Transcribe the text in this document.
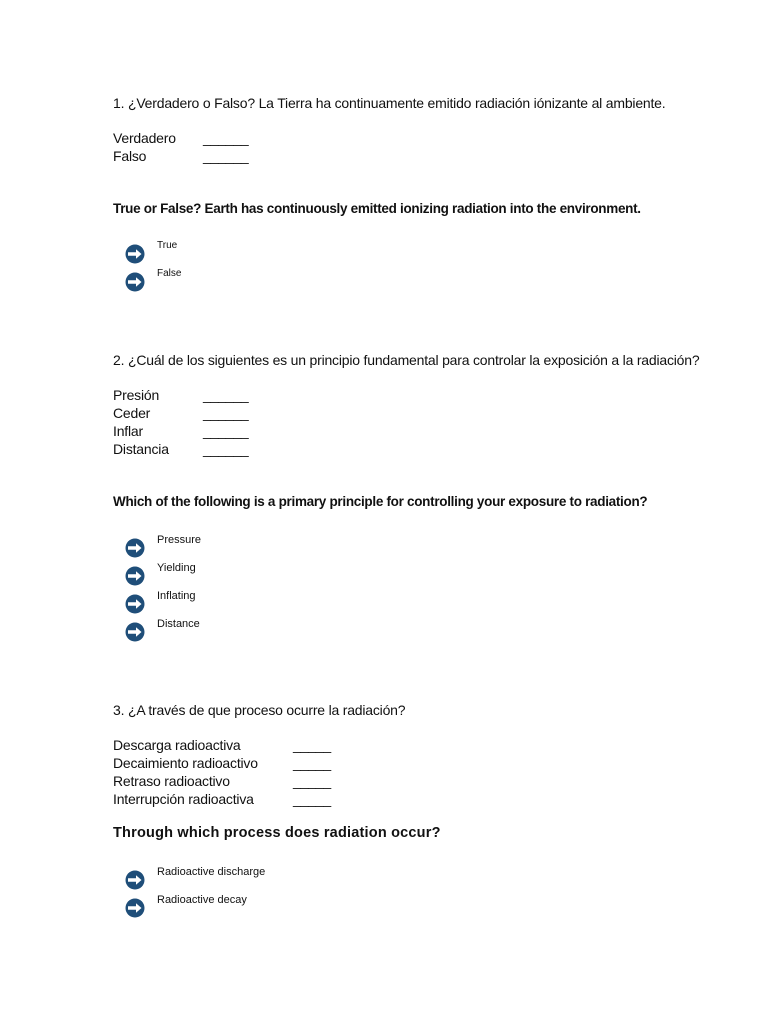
1. ¿Verdadero o Falso? La Tierra ha continuamente emitido radiación iónizante al ambiente.
Verdadero ______
Falso	______
True or False? Earth has continuously emitted ionizing radiation into the environment.
True
False
2. ¿Cuál de los siguientes es un principio fundamental para controlar la exposición a la radiación?
Presión	______
Ceder	______
Inflar	______
Distancia ______
Which of the following is a primary principle for controlling your exposure to radiation?
Pressure
Yielding
Inflating
Distance
3. ¿A través de que proceso ocurre la radiación?
Descarga radioactiva	_____
Decaimiento radioactivo	_____
Retraso radioactivo	_____
Interrupción radioactiva	_____
Through which process does radiation occur?
Radioactive discharge
Radioactive decay
